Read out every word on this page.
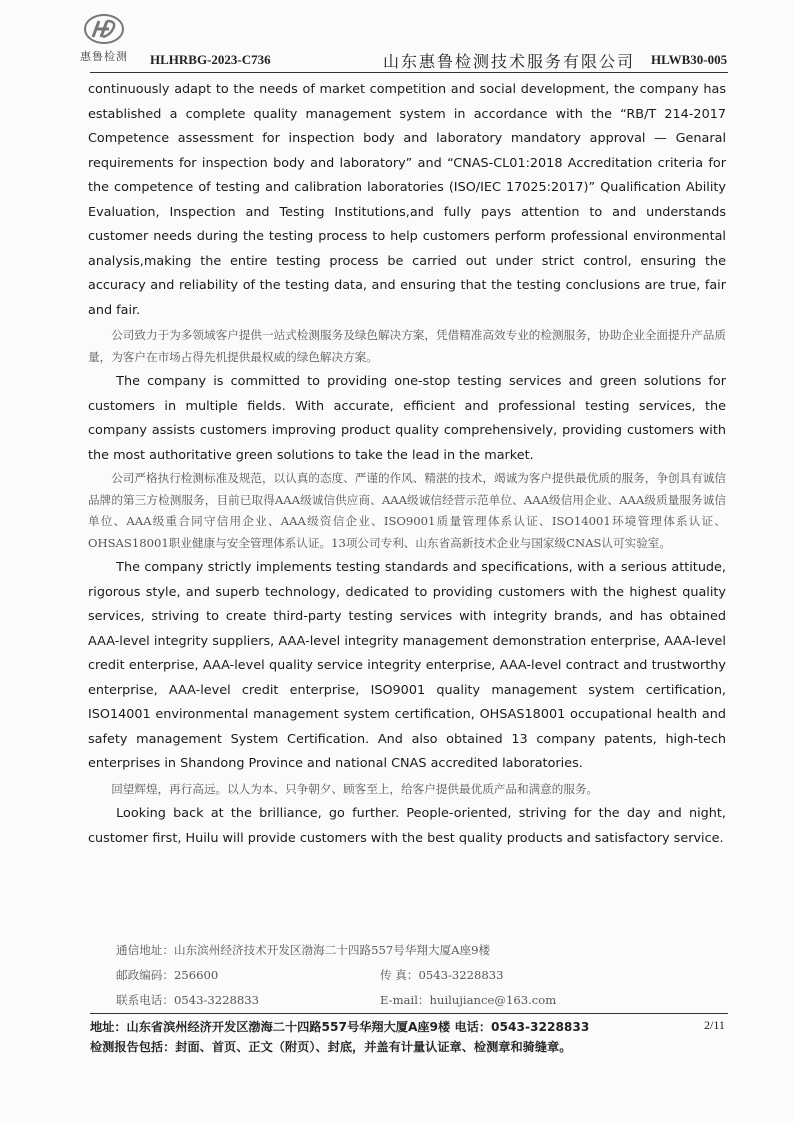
惠鲁检测	HLHRBG-2023-C736	山东惠鲁检测技术服务有限公司 HLWB30-005

continuously adapt to the needs of market competition and social development, the company has established a complete quality management system in accordance with the “RB/T 214-2017 Competence assessment for inspection body and laboratory mandatory approval — Genaral requirements for inspection body and laboratory” and “CNAS-CL01:2018 Accreditation criteria for the competence of testing and calibration laboratories (ISO/IEC 17025:2017)” Qualification Ability Evaluation, Inspection and Testing Institutions,and fully pays attention to and understands customer needs during the testing process to help customers perform professional environmental analysis,making the entire testing process be carried out under strict control, ensuring the accuracy and reliability of the testing data, and ensuring that the testing conclusions are true, fair and fair.

公司致力于为多领域客户提供一站式检测服务及绿色解决方案，凭借精准高效专业的检测服务，协助企业全面提升产品质量，为客户在市场占得先机提供最权威的绿色解决方案。

The company is committed to providing one-stop testing services and green solutions for customers in multiple fields. With accurate, efficient and professional testing services, the company assists customers improving product quality comprehensively, providing customers with the most authoritative green solutions to take the lead in the market.

公司严格执行检测标准及规范，以认真的态度、严谨的作风、精湛的技术，竭诚为客户提供最优质的服务，争创具有诚信品牌的第三方检测服务，目前已取得AAA级诚信供应商、AAA级诚信经营示范单位、AAA级信用企业、AAA级质量服务诚信单位、AAA级重合同守信用企业、AAA级资信企业、ISO9001质量管理体系认证、ISO14001环境管理体系认证、OHSAS18001职业健康与安全管理体系认证。13项公司专利、山东省高新技术企业与国家级CNAS认可实验室。

The company strictly implements testing standards and specifications, with a serious attitude, rigorous style, and superb technology, dedicated to providing customers with the highest quality services, striving to create third-party testing services with integrity brands, and has obtained AAA-level integrity suppliers, AAA-level integrity management demonstration enterprise, AAA-level credit enterprise, AAA-level quality service integrity enterprise, AAA-level contract and trustworthy enterprise, AAA-level credit enterprise, ISO9001 quality management system certification, ISO14001 environmental management system certification, OHSAS18001 occupational health and safety management System Certification. And also obtained 13 company patents, high-tech enterprises in Shandong Province and national CNAS accredited laboratories.

回望辉煌，再行高远。以人为本、只争朝夕、顾客至上，给客户提供最优质产品和满意的服务。

Looking back at the brilliance, go further. People-oriented, striving for the day and night, customer first, Huilu will provide customers with the best quality products and satisfactory service.

通信地址：山东滨州经济技术开发区渤海二十四路557号华翔大厦A座9楼
邮政编码：256600	传 真：0543-3228833
联系电话：0543-3228833	E-mail：huilujiance@163.com
地址：山东省滨州经济开发区渤海二十四路557号华翔大厦A座9楼 电话：0543-3228833	2/11
检测报告包括：封面、首页、正文（附页）、封底，并盖有计量认证章、检测章和骑缝章。
